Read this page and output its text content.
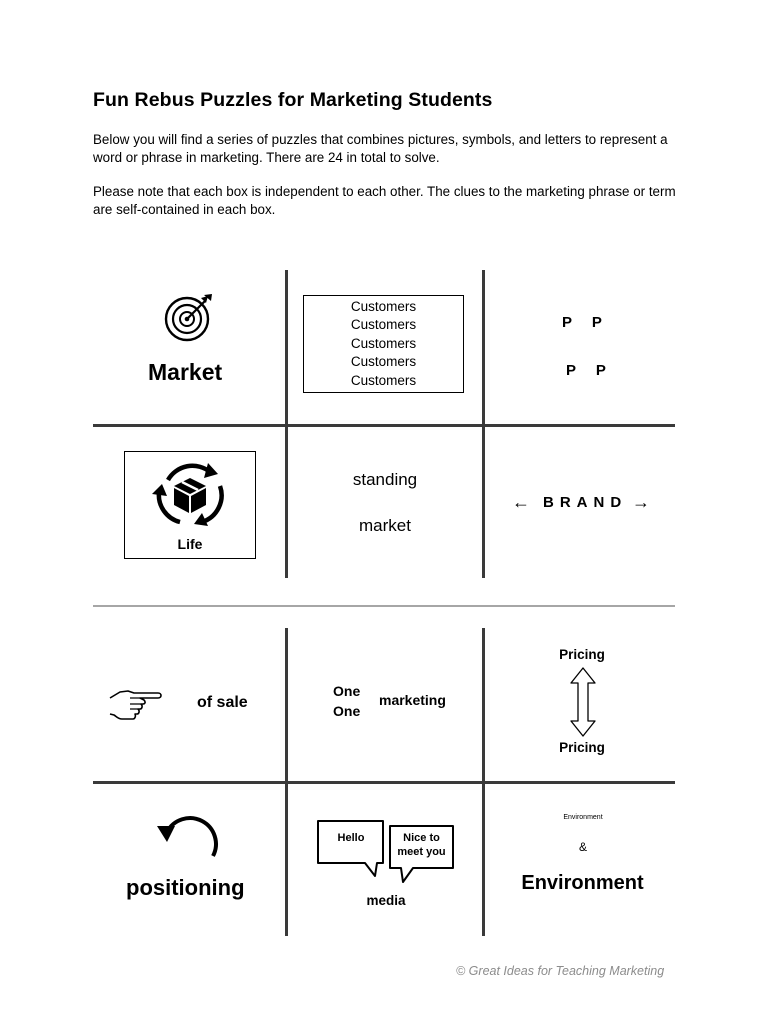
Fun Rebus Puzzles for Marketing Students
Below you will find a series of puzzles that combines pictures, symbols, and letters to represent a word or phrase in marketing. There are 24 in total to solve.
Please note that each box is independent to each other. The clues to the marketing phrase or term are self-contained in each box.
Market
Customers
Customers
Customers
Customers
Customers
P P
P P
Life
standing
market
← BRAND →
of sale
One
One
marketing
Pricing
Pricing
positioning
Hello	Nice to meet you
media
Environment
&
Environment
© Great Ideas for Teaching Marketing
